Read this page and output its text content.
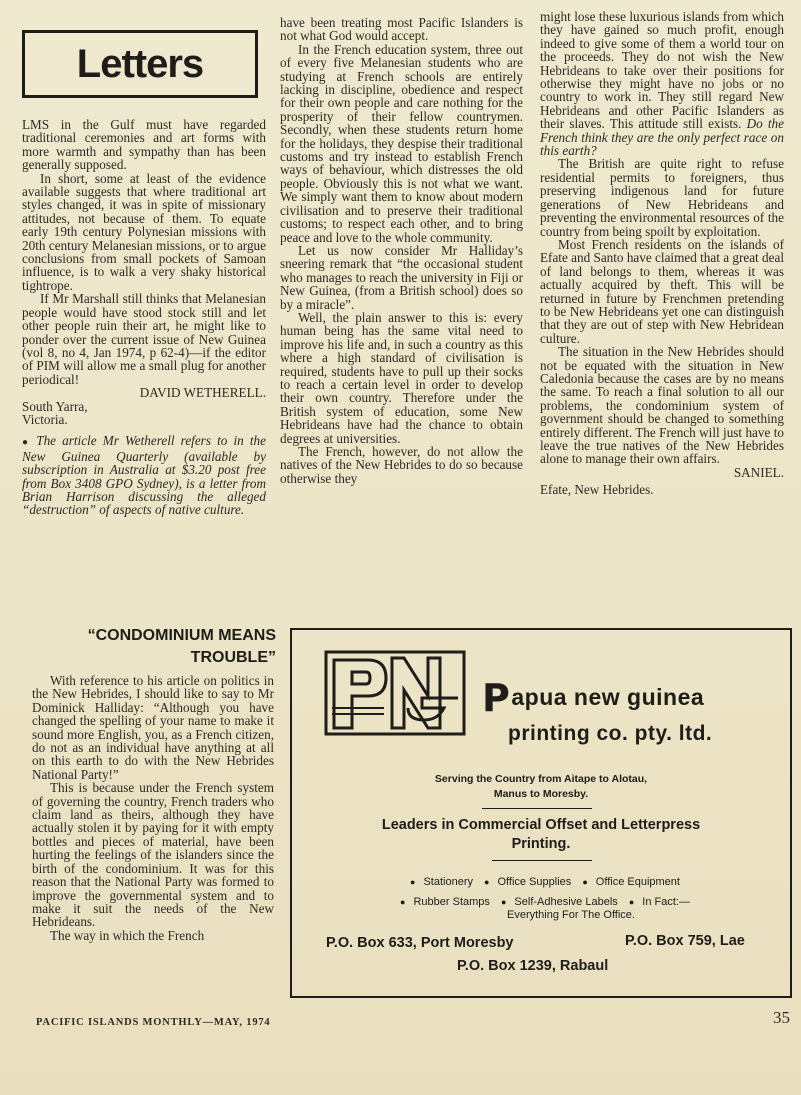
Letters

LMS in the Gulf must have regarded traditional ceremonies and art forms with more warmth and sympathy than has been generally supposed.

In short, some at least of the evidence available suggests that where traditional art styles changed, it was in spite of missionary attitudes, not because of them. To equate early 19th century Polynesian missions with 20th century Melanesian missions, or to argue conclusions from small pockets of Samoan influence, is to walk a very shaky historical tightrope.

If Mr Marshall still thinks that Melanesian people would have stood stock still and let other people ruin their art, he might like to ponder over the current issue of New Guinea (vol 8, no 4, Jan 1974, p 62-4)—if the editor of PIM will allow me a small plug for another periodical!

DAVID WETHERELL.

South Yarra,

Victoria.

● The article Mr Wetherell refers to in the New Guinea Quarterly (available by subscription in Australia at $3.20 post free from Box 3408 GPO Sydney), is a letter from Brian Harrison discussing the alleged “destruction” of aspects of native culture.

have been treating most Pacific Islanders is not what God would accept.

In the French education system, three out of every five Melanesian students who are studying at French schools are entirely lacking in discipline, obedience and respect for their own people and care nothing for the prosperity of their fellow countrymen. Secondly, when these students return home for the holidays, they despise their traditional customs and try instead to establish French ways of behaviour, which distresses the old people. Obviously this is not what we want. We simply want them to know about modern civilisation and to preserve their traditional customs; to respect each other, and to bring peace and love to the whole community.

Let us now consider Mr Halliday’s sneering remark that “the occasional student who manages to reach the university in Fiji or New Guinea, (from a British school) does so by a miracle”.

Well, the plain answer to this is: every human being has the same vital need to improve his life and, in such a country as this where a high standard of civilisation is required, students have to pull up their socks to reach a certain level in order to develop their own country. Therefore under the British system of education, some New Hebrideans have had the chance to obtain degrees at universities.

The French, however, do not allow the natives of the New Hebrides to do so because otherwise they

might lose these luxurious islands from which they have gained so much profit, enough indeed to give some of them a world tour on the proceeds. They do not wish the New Hebrideans to take over their positions for otherwise they might have no jobs or no country to work in. They still regard New Hebrideans and other Pacific Islanders as their slaves. This attitude still exists. Do the French think they are the only perfect race on this earth?

The British are quite right to refuse residential permits to foreigners, thus preserving indigenous land for future generations of New Hebrideans and preventing the environmental resources of the country from being spoilt by exploitation.

Most French residents on the islands of Efate and Santo have claimed that a great deal of land belongs to them, whereas it was actually acquired by theft. This will be returned in future by Frenchmen pretending to be New Hebrideans yet one can distinguish that they are out of step with New Hebridean culture.

The situation in the New Hebrides should not be equated with the situation in New Caledonia because the cases are by no means the same. To reach a final solution to all our problems, the condominium system of government should be changed to something entirely different. The French will just have to leave the true natives of the New Hebrides alone to manage their own affairs.

SANIEL.

Efate, New Hebrides.

“CONDOMINIUM MEANS
TROUBLE”

With reference to his article on politics in the New Hebrides, I should like to say to Mr Dominick Halliday: “Although you have changed the spelling of your name to make it sound more English, you, as a French citizen, do not as an individual have anything at all on this earth to do with the New Hebrides National Party!”

This is because under the French system of governing the country, French traders who claim land as theirs, although they have actually stolen it by paying for it with empty bottles and pieces of material, have been hurting the feelings of the islanders since the birth of the condominium. It was for this reason that the National Party was formed to improve the governmental system and to make it suit the needs of the New Hebrideans.

The way in which the French

Papua new guinea
printing co. pty. ltd.
Serving the Country from Aitape to Alotau,
Manus to Moresby.
Leaders in Commercial Offset and Letterpress
Printing.
● Stationery ● Office Supplies ● Office Equipment
● Rubber Stamps ● Self-Adhesive Labels ● In Fact:—
Everything For The Office.
P.O. Box 633, Port Moresby	P.O. Box 759, Lae
P.O. Box 1239, Rabaul
PACIFIC ISLANDS MONTHLY—MAY, 1974	35
